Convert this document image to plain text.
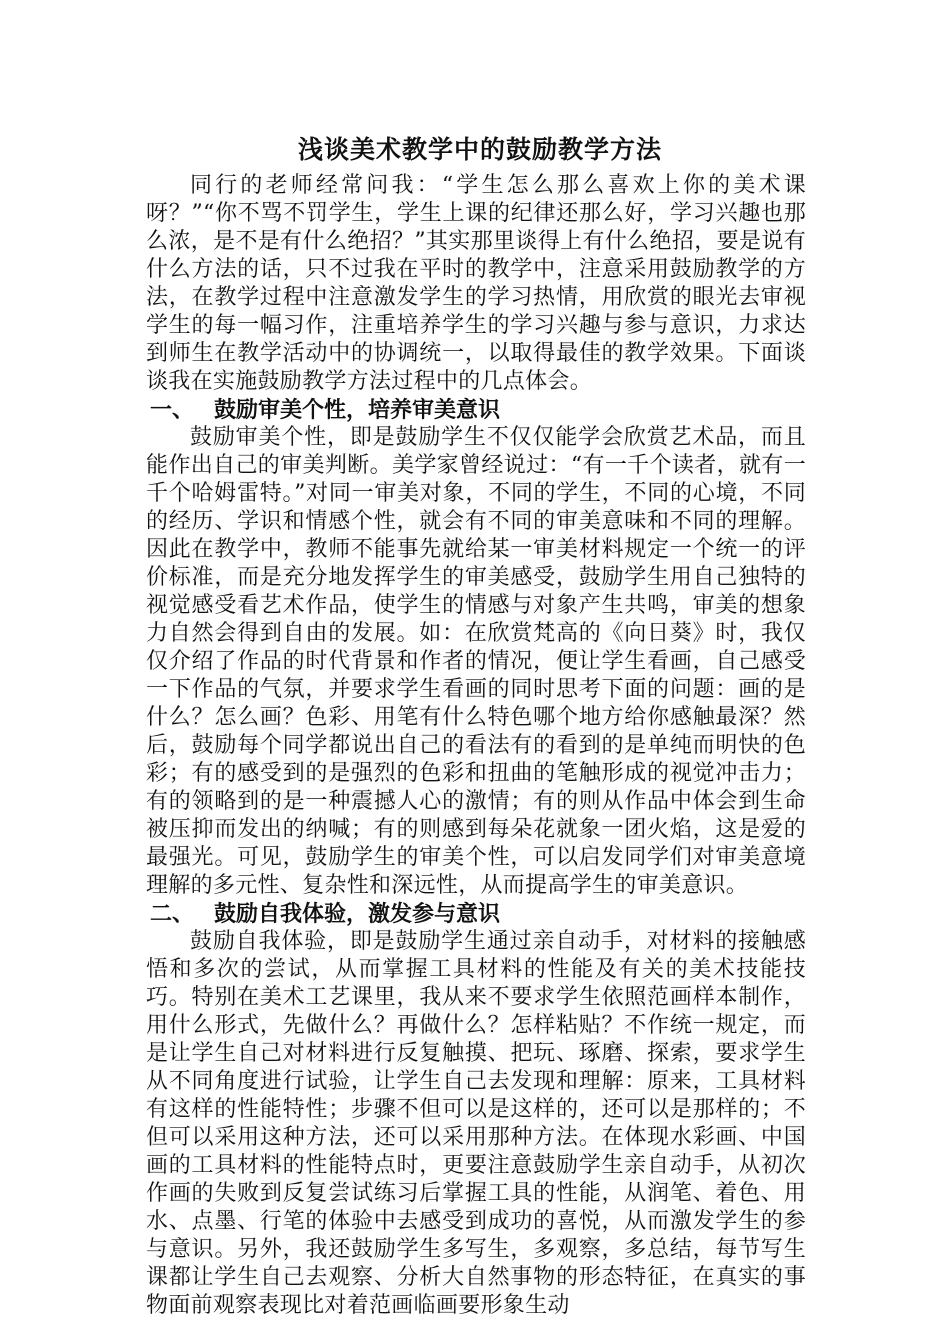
浅谈美术教学中的鼓励教学方法

同行的老师经常问我：“学生怎么那么喜欢上你的美术课呀？”“你不骂不罚学生，学生上课的纪律还那么好，学习兴趣也那么浓，是不是有什么绝招？”其实那里谈得上有什么绝招，要是说有什么方法的话，只不过我在平时的教学中，注意采用鼓励教学的方法，在教学过程中注意激发学生的学习热情，用欣赏的眼光去审视学生的每一幅习作，注重培养学生的学习兴趣与参与意识，力求达到师生在教学活动中的协调统一，以取得最佳的教学效果。下面谈谈我在实施鼓励教学方法过程中的几点体会。

一、 鼓励审美个性，培养审美意识

鼓励审美个性，即是鼓励学生不仅仅能学会欣赏艺术品，而且能作出自己的审美判断。美学家曾经说过：“有一千个读者，就有一千个哈姆雷特。”对同一审美对象，不同的学生，不同的心境，不同的经历、学识和情感个性，就会有不同的审美意味和不同的理解。因此在教学中，教师不能事先就给某一审美材料规定一个统一的评价标准，而是充分地发挥学生的审美感受，鼓励学生用自己独特的视觉感受看艺术作品，使学生的情感与对象产生共鸣，审美的想象力自然会得到自由的发展。如：在欣赏梵高的《向日葵》时，我仅仅介绍了作品的时代背景和作者的情况，便让学生看画，自己感受一下作品的气氛，并要求学生看画的同时思考下面的问题：画的是什么？怎么画？色彩、用笔有什么特色哪个地方给你感触最深？然后，鼓励每个同学都说出自己的看法有的看到的是单纯而明快的色彩；有的感受到的是强烈的色彩和扭曲的笔触形成的视觉冲击力；有的领略到的是一种震撼人心的激情；有的则从作品中体会到生命被压抑而发出的纳喊；有的则感到每朵花就象一团火焰，这是爱的最强光。可见，鼓励学生的审美个性，可以启发同学们对审美意境理解的多元性、复杂性和深远性，从而提高学生的审美意识。

二、 鼓励自我体验，激发参与意识

鼓励自我体验，即是鼓励学生通过亲自动手，对材料的接触感悟和多次的尝试，从而掌握工具材料的性能及有关的美术技能技巧。特别在美术工艺课里，我从来不要求学生依照范画样本制作，用什么形式，先做什么？再做什么？怎样粘贴？不作统一规定，而是让学生自己对材料进行反复触摸、把玩、琢磨、探索，要求学生从不同角度进行试验，让学生自己去发现和理解：原来，工具材料有这样的性能特性；步骤不但可以是这样的，还可以是那样的；不但可以采用这种方法，还可以采用那种方法。在体现水彩画、中国画的工具材料的性能特点时，更要注意鼓励学生亲自动手，从初次作画的失败到反复尝试练习后掌握工具的性能，从润笔、着色、用水、点墨、行笔的体验中去感受到成功的喜悦，从而激发学生的参与意识。另外，我还鼓励学生多写生，多观察，多总结，每节写生课都让学生自己去观察、分析大自然事物的形态特征，在真实的事物面前观察表现比对着范画临画要形象生动
